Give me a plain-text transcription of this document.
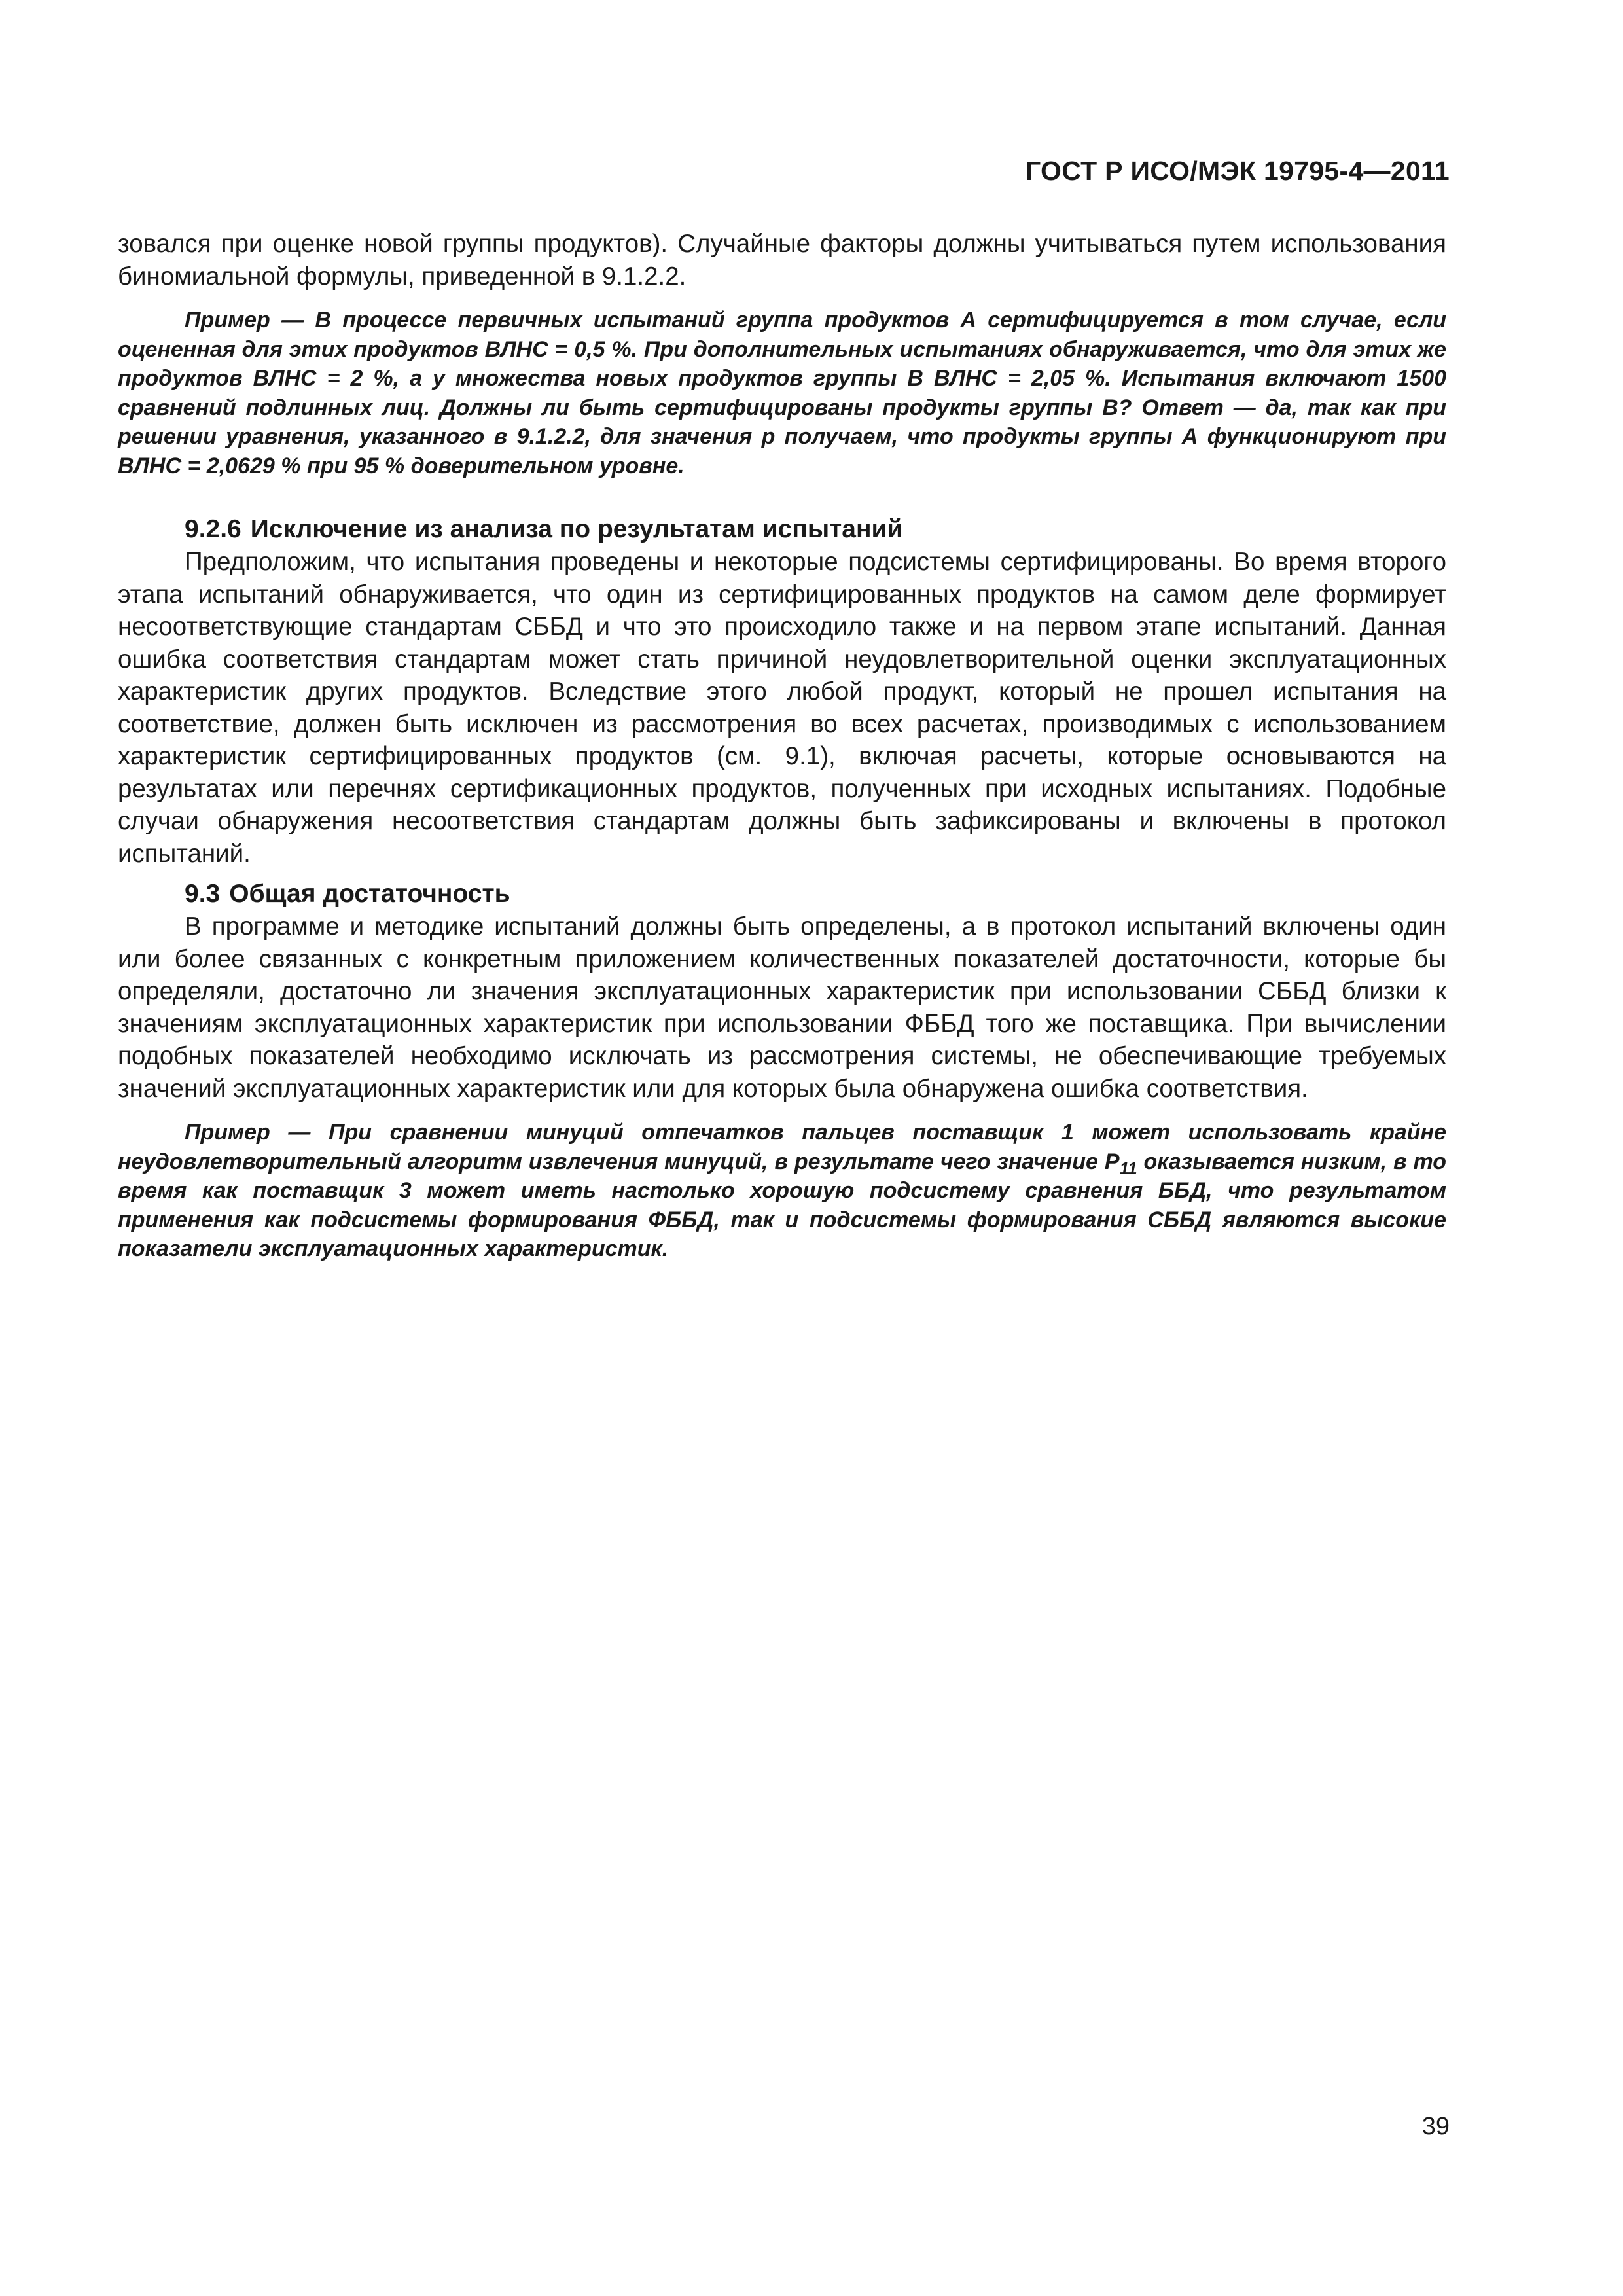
ГОСТ Р ИСО/МЭК 19795-4—2011

зовался при оценке новой группы продуктов). Случайные факторы должны учитываться путем использования биномиальной формулы, приведенной в 9.1.2.2.

Пример — В процессе первичных испытаний группа продуктов А сертифицируется в том случае, если оцененная для этих продуктов ВЛНС = 0,5 %. При дополнительных испытаниях обнаруживается, что для этих же продуктов ВЛНС = 2 %, а у множества новых продуктов группы В ВЛНС = 2,05 %. Испытания включают 1500 сравнений подлинных лиц. Должны ли быть сертифицированы продукты группы В? Ответ — да, так как при решении уравнения, указанного в 9.1.2.2, для значения p получаем, что продукты группы А функционируют при ВЛНС = 2,0629 % при 95 % доверительном уровне.

9.2.6 Исключение из анализа по результатам испытаний

Предположим, что испытания проведены и некоторые подсистемы сертифицированы. Во время второго этапа испытаний обнаруживается, что один из сертифицированных продуктов на самом деле формирует несоответствующие стандартам СББД и что это происходило также и на первом этапе испытаний. Данная ошибка соответствия стандартам может стать причиной неудовлетворительной оценки эксплуатационных характеристик других продуктов. Вследствие этого любой продукт, который не прошел испытания на соответствие, должен быть исключен из рассмотрения во всех расчетах, производимых с использованием характеристик сертифицированных продуктов (см. 9.1), включая расчеты, которые основываются на результатах или перечнях сертификационных продуктов, полученных при исходных испытаниях. Подобные случаи обнаружения несоответствия стандартам должны быть зафиксированы и включены в протокол испытаний.

9.3 Общая достаточность

В программе и методике испытаний должны быть определены, а в протокол испытаний включены один или более связанных с конкретным приложением количественных показателей достаточности, которые бы определяли, достаточно ли значения эксплуатационных характеристик при использовании СББД близки к значениям эксплуатационных характеристик при использовании ФББД того же поставщика. При вычислении подобных показателей необходимо исключать из рассмотрения системы, не обеспечивающие требуемых значений эксплуатационных характеристик или для которых была обнаружена ошибка соответствия.

Пример — При сравнении минуций отпечатков пальцев поставщик 1 может использовать крайне неудовлетворительный алгоритм извлечения минуций, в результате чего значение $P_{11}$ оказывается низким, в то время как поставщик 3 может иметь настолько хорошую подсистему сравнения ББД, что результатом применения как подсистемы формирования ФББД, так и подсистемы формирования СББД являются высокие показатели эксплуатационных характеристик.

39
